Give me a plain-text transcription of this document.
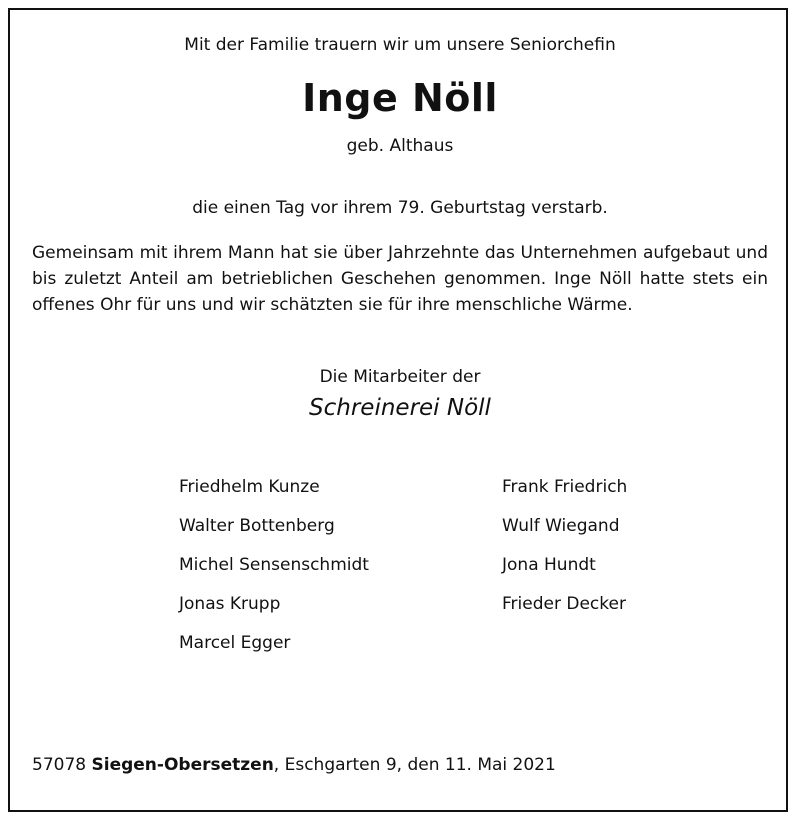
Mit der Familie trauern wir um unsere Seniorchefin
Inge Nöll
geb. Althaus
die einen Tag vor ihrem 79. Geburtstag verstarb.
Gemeinsam mit ihrem Mann hat sie über Jahrzehnte das Unternehmen aufgebaut und bis zuletzt Anteil am betrieblichen Geschehen genommen. Inge Nöll hatte stets ein offenes Ohr für uns und wir schätzten sie für ihre menschliche Wärme.
Die Mitarbeiter der
Schreinerei Nöll
Friedhelm Kunze
Walter Bottenberg
Michel Sensenschmidt
Jonas Krupp
Marcel Egger
Frank Friedrich
Wulf Wiegand
Jona Hundt
Frieder Decker
57078 Siegen-Obersetzen, Eschgarten 9, den 11. Mai 2021
